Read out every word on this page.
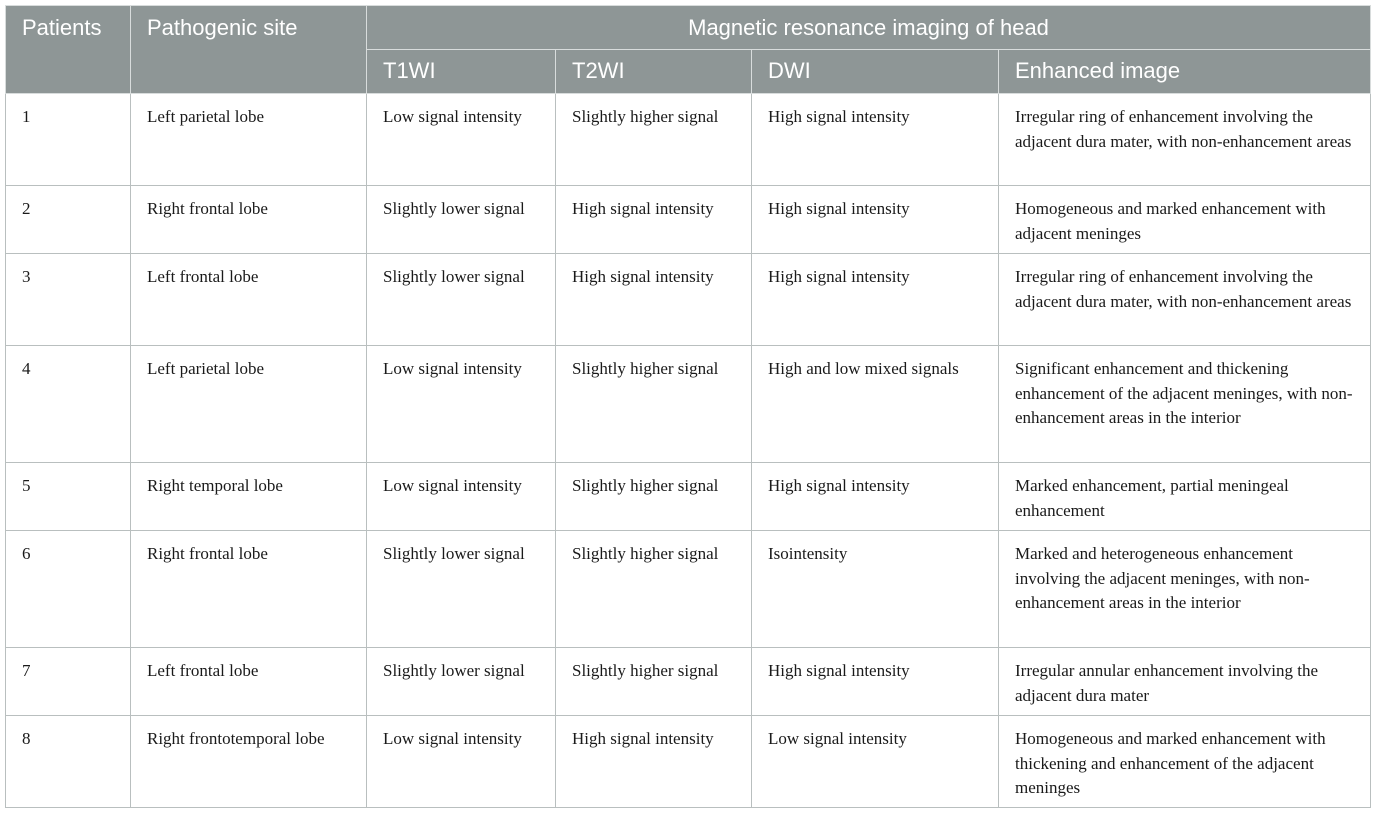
Patients	Pathogenic site	Magnetic resonance imaging of head			
		T1WI	T2WI	DWI	Enhanced image
1	Left parietal lobe	Low signal intensity	Slightly higher signal	High signal intensity	Irregular ring of enhancement involving the adjacent dura mater, with non-enhancement areas
2	Right frontal lobe	Slightly lower signal	High signal intensity	High signal intensity	Homogeneous and marked enhancement with adjacent meninges
3	Left frontal lobe	Slightly lower signal	High signal intensity	High signal intensity	Irregular ring of enhancement involving the adjacent dura mater, with non-enhancement areas
4	Left parietal lobe	Low signal intensity	Slightly higher signal	High and low mixed signals	Significant enhancement and thickening enhancement of the adjacent meninges, with non-enhancement areas in the interior
5	Right temporal lobe	Low signal intensity	Slightly higher signal	High signal intensity	Marked enhancement, partial meningeal enhancement
6	Right frontal lobe	Slightly lower signal	Slightly higher signal	Isointensity	Marked and heterogeneous enhancement involving the adjacent meninges, with non-enhancement areas in the interior
7	Left frontal lobe	Slightly lower signal	Slightly higher signal	High signal intensity	Irregular annular enhancement involving the adjacent dura mater
8	Right frontotemporal lobe	Low signal intensity	High signal intensity	Low signal intensity	Homogeneous and marked enhancement with thickening and enhancement of the adjacent meninges
